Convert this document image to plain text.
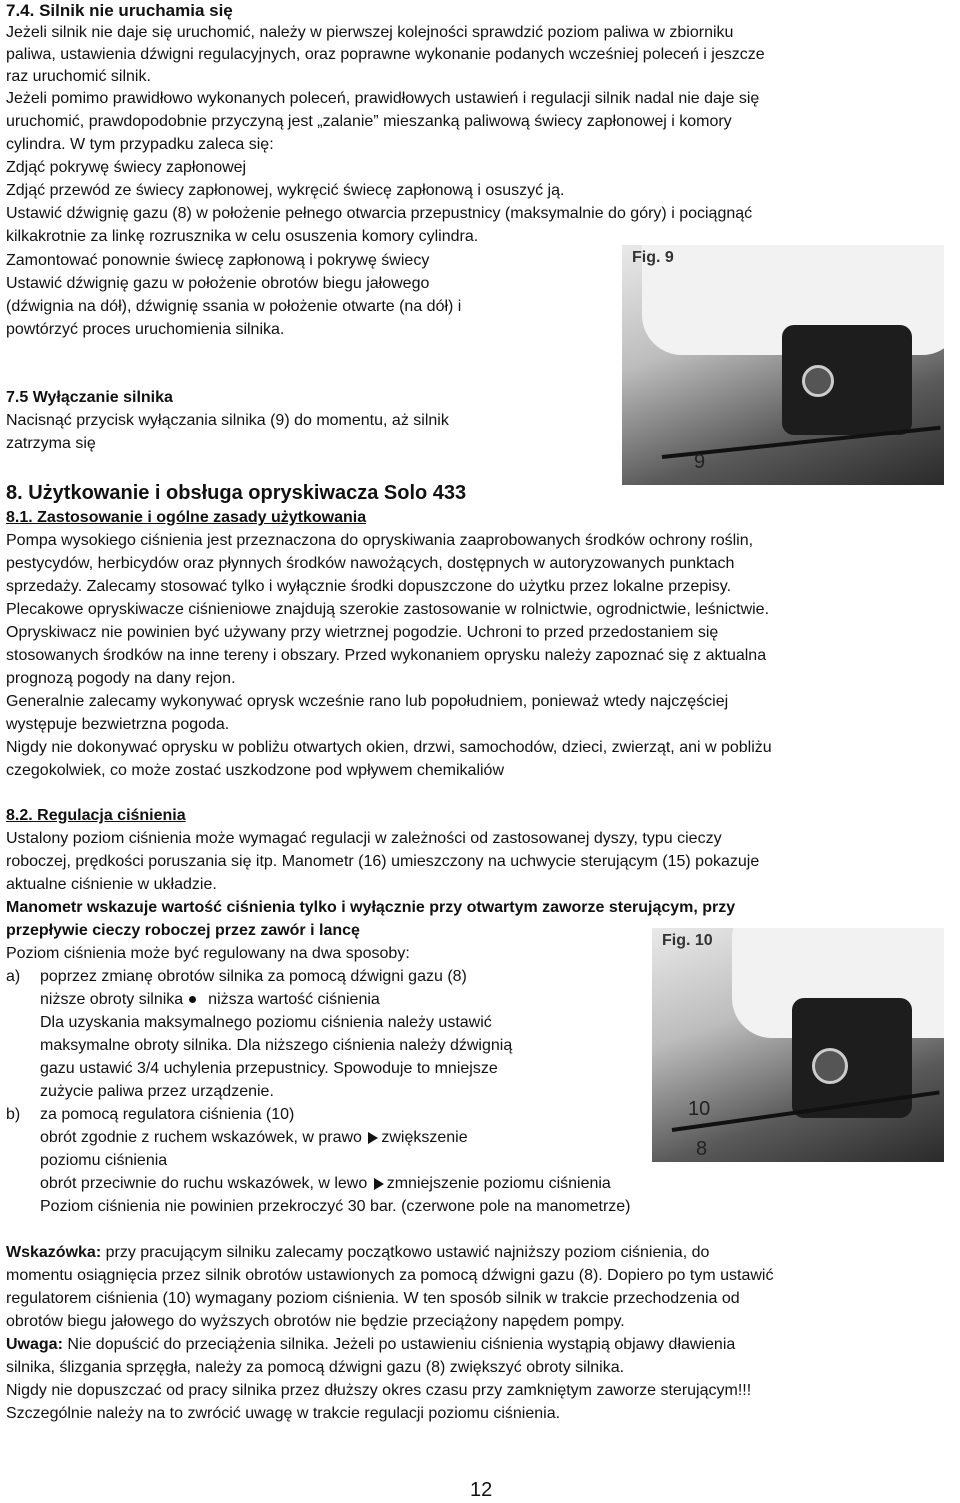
7.4. Silnik nie uruchamia się
Jeżeli silnik nie daje się uruchomić, należy w pierwszej kolejności sprawdzić poziom paliwa w zbiorniku
paliwa, ustawienia dźwigni regulacyjnych, oraz poprawne wykonanie podanych wcześniej poleceń i jeszcze
raz uruchomić silnik.
Jeżeli pomimo prawidłowo wykonanych poleceń, prawidłowych ustawień i regulacji silnik nadal nie daje się
uruchomić, prawdopodobnie przyczyną jest „zalanie” mieszanką paliwową świecy zapłonowej i komory
cylindra. W tym przypadku zaleca się:
Zdjąć pokrywę świecy zapłonowej
Zdjąć przewód ze świecy zapłonowej, wykręcić świecę zapłonową i osuszyć ją.
Ustawić dźwignię gazu (8) w położenie pełnego otwarcia przepustnicy (maksymalnie do góry) i pociągnąć
kilkakrotnie za linkę rozrusznika w celu osuszenia komory cylindra.
Zamontować ponownie świecę zapłonową i pokrywę świecy
Ustawić dźwignię gazu w położenie obrotów biegu jałowego
(dźwignia na dół), dźwignię ssania w położenie otwarte (na dół) i
powtórzyć proces uruchomienia silnika.
7.5 Wyłączanie silnika
Nacisnąć przycisk wyłączania silnika (9) do momentu, aż silnik
zatrzyma się
Fig. 9
9
8. Użytkowanie i obsługa opryskiwacza Solo 433
8.1. Zastosowanie i ogólne zasady użytkowania
Pompa wysokiego ciśnienia jest przeznaczona do opryskiwania zaaprobowanych środków ochrony roślin,
pestycydów, herbicydów oraz płynnych środków nawożących, dostępnych w autoryzowanych punktach
sprzedaży. Zalecamy stosować tylko i wyłącznie środki dopuszczone do użytku przez lokalne przepisy.
Plecakowe opryskiwacze ciśnieniowe znajdują szerokie zastosowanie w rolnictwie, ogrodnictwie, leśnictwie.
Opryskiwacz nie powinien być używany przy wietrznej pogodzie. Uchroni to przed przedostaniem się
stosowanych środków na inne tereny i obszary. Przed wykonaniem oprysku należy zapoznać się z aktualna
prognozą pogody na dany rejon.
Generalnie zalecamy wykonywać oprysk wcześnie rano lub popołudniem, ponieważ wtedy najczęściej
występuje bezwietrzna pogoda.
Nigdy nie dokonywać oprysku w pobliżu otwartych okien, drzwi, samochodów, dzieci, zwierząt, ani w pobliżu
czegokolwiek, co może zostać uszkodzone pod wpływem chemikaliów
8.2. Regulacja ciśnienia
Ustalony poziom ciśnienia może wymagać regulacji w zależności od zastosowanej dyszy, typu cieczy
roboczej, prędkości poruszania się itp. Manometr (16) umieszczony na uchwycie sterującym (15) pokazuje
aktualne ciśnienie w układzie.
Manometr wskazuje wartość ciśnienia tylko i wyłącznie przy otwartym zaworze sterującym, przy
przepływie cieczy roboczej przez zawór i lancę
Poziom ciśnienia może być regulowany na dwa sposoby:
a) poprzez zmianę obrotów silnika za pomocą dźwigni gazu (8)
niższe obroty silnika niższa wartość ciśnienia
Dla uzyskania maksymalnego poziomu ciśnienia należy ustawić
maksymalne obroty silnika. Dla niższego ciśnienia należy dźwignią
gazu ustawić 3/4 uchylenia przepustnicy. Spowoduje to mniejsze
zużycie paliwa przez urządzenie.
b) za pomocą regulatora ciśnienia (10)
obrót zgodnie z ruchem wskazówek, w prawo zwiększenie
poziomu ciśnienia
obrót przeciwnie do ruchu wskazówek, w lewo zmniejszenie poziomu ciśnienia
Poziom ciśnienia nie powinien przekroczyć 30 bar. (czerwone pole na manometrze)
Fig. 10
10
8
Wskazówka: przy pracującym silniku zalecamy początkowo ustawić najniższy poziom ciśnienia, do
momentu osiągnięcia przez silnik obrotów ustawionych za pomocą dźwigni gazu (8). Dopiero po tym ustawić
regulatorem ciśnienia (10) wymagany poziom ciśnienia. W ten sposób silnik w trakcie przechodzenia od
obrotów biegu jałowego do wyższych obrotów nie będzie przeciążony napędem pompy.
Uwaga: Nie dopuścić do przeciążenia silnika. Jeżeli po ustawieniu ciśnienia wystąpią objawy dławienia
silnika, ślizgania sprzęgła, należy za pomocą dźwigni gazu (8) zwiększyć obroty silnika.
Nigdy nie dopuszczać od pracy silnika przez dłuższy okres czasu przy zamkniętym zaworze sterującym!!!
Szczególnie należy na to zwrócić uwagę w trakcie regulacji poziomu ciśnienia.
12
